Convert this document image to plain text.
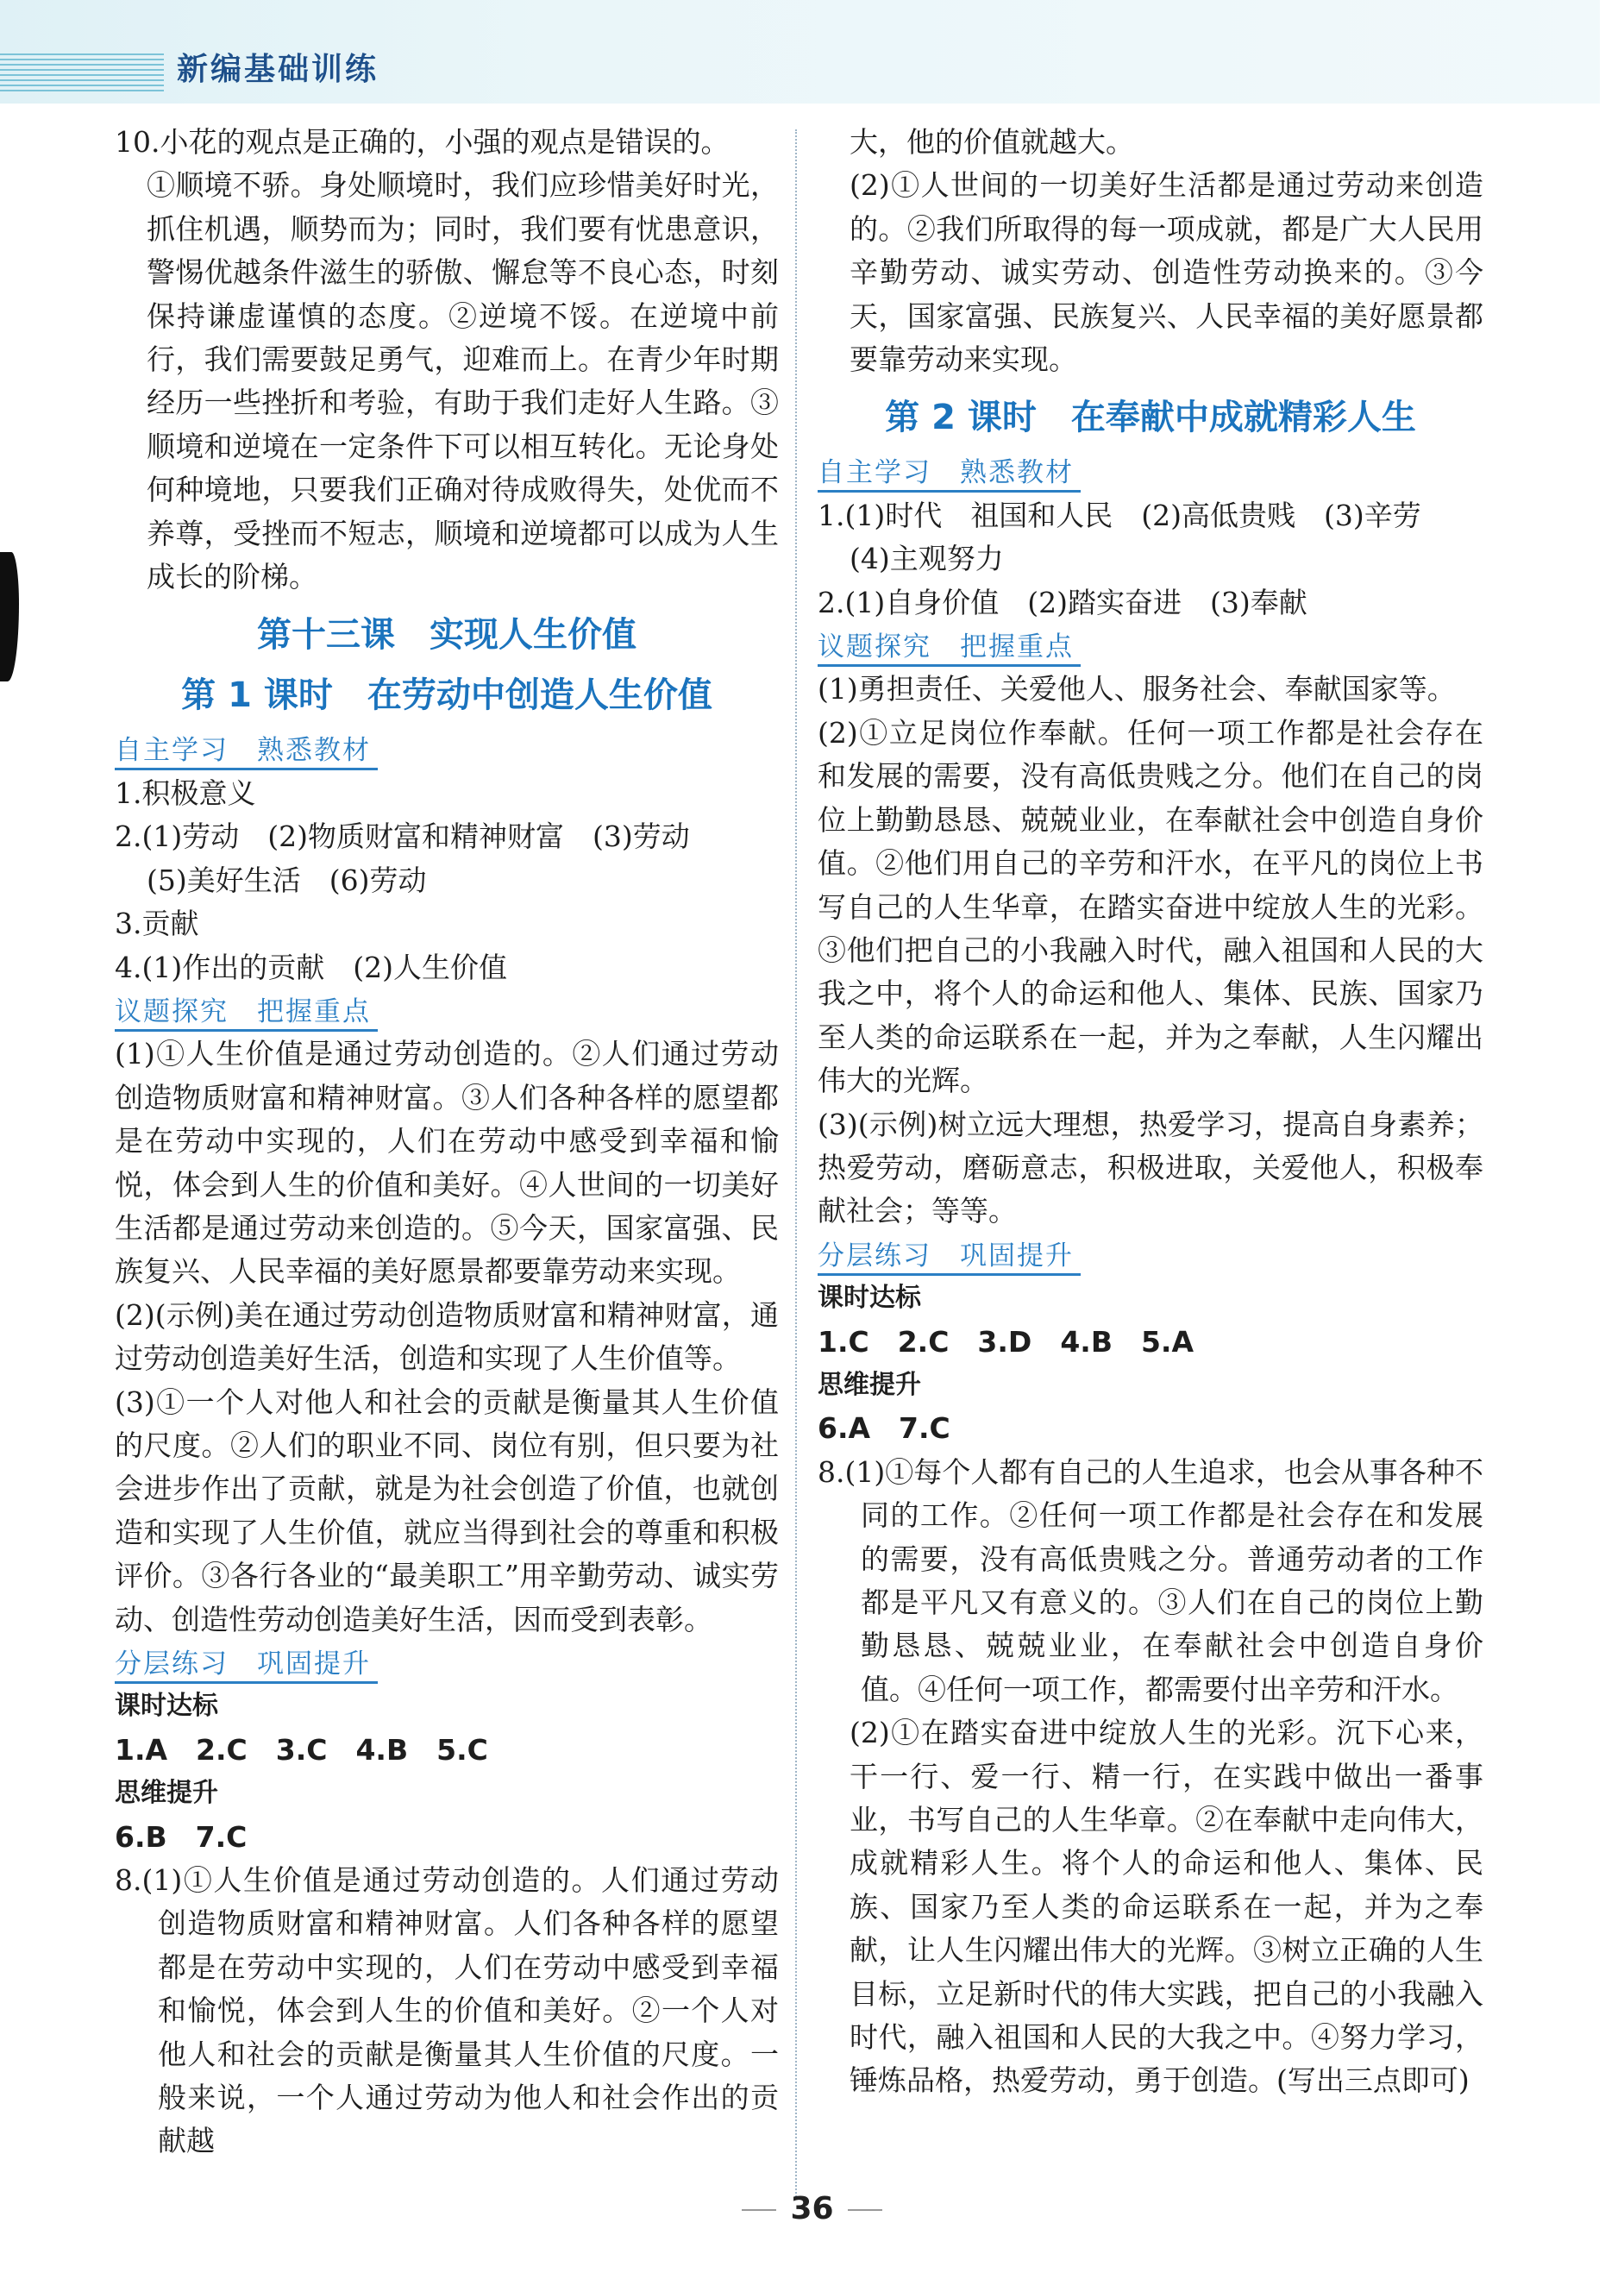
新编基础训练

10.小花的观点是正确的，小强的观点是错误的。

①顺境不骄。身处顺境时，我们应珍惜美好时光，抓住机遇，顺势而为；同时，我们要有忧患意识，警惕优越条件滋生的骄傲、懈怠等不良心态，时刻保持谦虚谨慎的态度。②逆境不馁。在逆境中前行，我们需要鼓足勇气，迎难而上。在青少年时期经历一些挫折和考验，有助于我们走好人生路。③顺境和逆境在一定条件下可以相互转化。无论身处何种境地，只要我们正确对待成败得失，处优而不养尊，受挫而不短志，顺境和逆境都可以成为人生成长的阶梯。

第十三课　实现人生价值
第 1 课时　在劳动中创造人生价值
自主学习　熟悉教材

1.积极意义

2.(1)劳动　(2)物质财富和精神财富　(3)劳动

(5)美好生活　(6)劳动

3.贡献

4.(1)作出的贡献　(2)人生价值

议题探究　把握重点

(1)①人生价值是通过劳动创造的。②人们通过劳动创造物质财富和精神财富。③人们各种各样的愿望都是在劳动中实现的，人们在劳动中感受到幸福和愉悦，体会到人生的价值和美好。④人世间的一切美好生活都是通过劳动来创造的。⑤今天，国家富强、民族复兴、人民幸福的美好愿景都要靠劳动来实现。

(2)(示例)美在通过劳动创造物质财富和精神财富，通过劳动创造美好生活，创造和实现了人生价值等。

(3)①一个人对他人和社会的贡献是衡量其人生价值的尺度。②人们的职业不同、岗位有别，但只要为社会进步作出了贡献，就是为社会创造了价值，也就创造和实现了人生价值，就应当得到社会的尊重和积极评价。③各行各业的“最美职工”用辛勤劳动、诚实劳动、创造性劳动创造美好生活，因而受到表彰。

分层练习　巩固提升

课时达标

1.A　2.C　3.C　4.B　5.C

思维提升

6.B　7.C

8.(1)①人生价值是通过劳动创造的。人们通过劳动创造物质财富和精神财富。人们各种各样的愿望都是在劳动中实现的，人们在劳动中感受到幸福和愉悦，体会到人生的价值和美好。②一个人对他人和社会的贡献是衡量其人生价值的尺度。一般来说，一个人通过劳动为他人和社会作出的贡献越

大，他的价值就越大。

(2)①人世间的一切美好生活都是通过劳动来创造的。②我们所取得的每一项成就，都是广大人民用辛勤劳动、诚实劳动、创造性劳动换来的。③今天，国家富强、民族复兴、人民幸福的美好愿景都要靠劳动来实现。

第 2 课时　在奉献中成就精彩人生
自主学习　熟悉教材

1.(1)时代　祖国和人民　(2)高低贵贱　(3)辛劳

(4)主观努力

2.(1)自身价值　(2)踏实奋进　(3)奉献

议题探究　把握重点

(1)勇担责任、关爱他人、服务社会、奉献国家等。

(2)①立足岗位作奉献。任何一项工作都是社会存在和发展的需要，没有高低贵贱之分。他们在自己的岗位上勤勤恳恳、兢兢业业，在奉献社会中创造自身价值。②他们用自己的辛劳和汗水，在平凡的岗位上书写自己的人生华章，在踏实奋进中绽放人生的光彩。③他们把自己的小我融入时代，融入祖国和人民的大我之中，将个人的命运和他人、集体、民族、国家乃至人类的命运联系在一起，并为之奉献，人生闪耀出伟大的光辉。

(3)(示例)树立远大理想，热爱学习，提高自身素养；热爱劳动，磨砺意志，积极进取，关爱他人，积极奉献社会；等等。

分层练习　巩固提升

课时达标

1.C　2.C　3.D　4.B　5.A

思维提升

6.A　7.C

8.(1)①每个人都有自己的人生追求，也会从事各种不同的工作。②任何一项工作都是社会存在和发展的需要，没有高低贵贱之分。普通劳动者的工作都是平凡又有意义的。③人们在自己的岗位上勤勤恳恳、兢兢业业，在奉献社会中创造自身价值。④任何一项工作，都需要付出辛劳和汗水。

(2)①在踏实奋进中绽放人生的光彩。沉下心来，干一行、爱一行、精一行，在实践中做出一番事业，书写自己的人生华章。②在奉献中走向伟大，成就精彩人生。将个人的命运和他人、集体、民族、国家乃至人类的命运联系在一起，并为之奉献，让人生闪耀出伟大的光辉。③树立正确的人生目标，立足新时代的伟大实践，把自己的小我融入时代，融入祖国和人民的大我之中。④努力学习，锤炼品格，热爱劳动，勇于创造。(写出三点即可)

36
